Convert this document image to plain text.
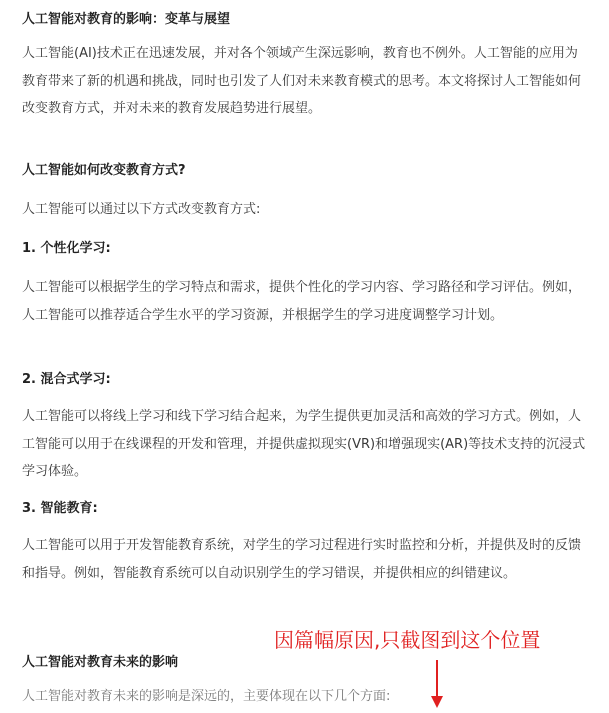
人工智能对教育的影响：变革与展望

人工智能(AI)技术正在迅速发展，并对各个领域产生深远影响，教育也不例外。人工智能的应用为教育带来了新的机遇和挑战，同时也引发了人们对未来教育模式的思考。本文将探讨人工智能如何改变教育方式，并对未来的教育发展趋势进行展望。

人工智能如何改变教育方式?

人工智能可以通过以下方式改变教育方式:

1. 个性化学习:

人工智能可以根据学生的学习特点和需求，提供个性化的学习内容、学习路径和学习评估。例如，人工智能可以推荐适合学生水平的学习资源，并根据学生的学习进度调整学习计划。

2. 混合式学习:

人工智能可以将线上学习和线下学习结合起来，为学生提供更加灵活和高效的学习方式。例如，人工智能可以用于在线课程的开发和管理，并提供虚拟现实(VR)和增强现实(AR)等技术支持的沉浸式学习体验。

3. 智能教育:

人工智能可以用于开发智能教育系统，对学生的学习过程进行实时监控和分析，并提供及时的反馈和指导。例如，智能教育系统可以自动识别学生的学习错误，并提供相应的纠错建议。

人工智能对教育未来的影响

人工智能对教育未来的影响是深远的，主要体现在以下几个方面:

因篇幅原因,只截图到这个位置
